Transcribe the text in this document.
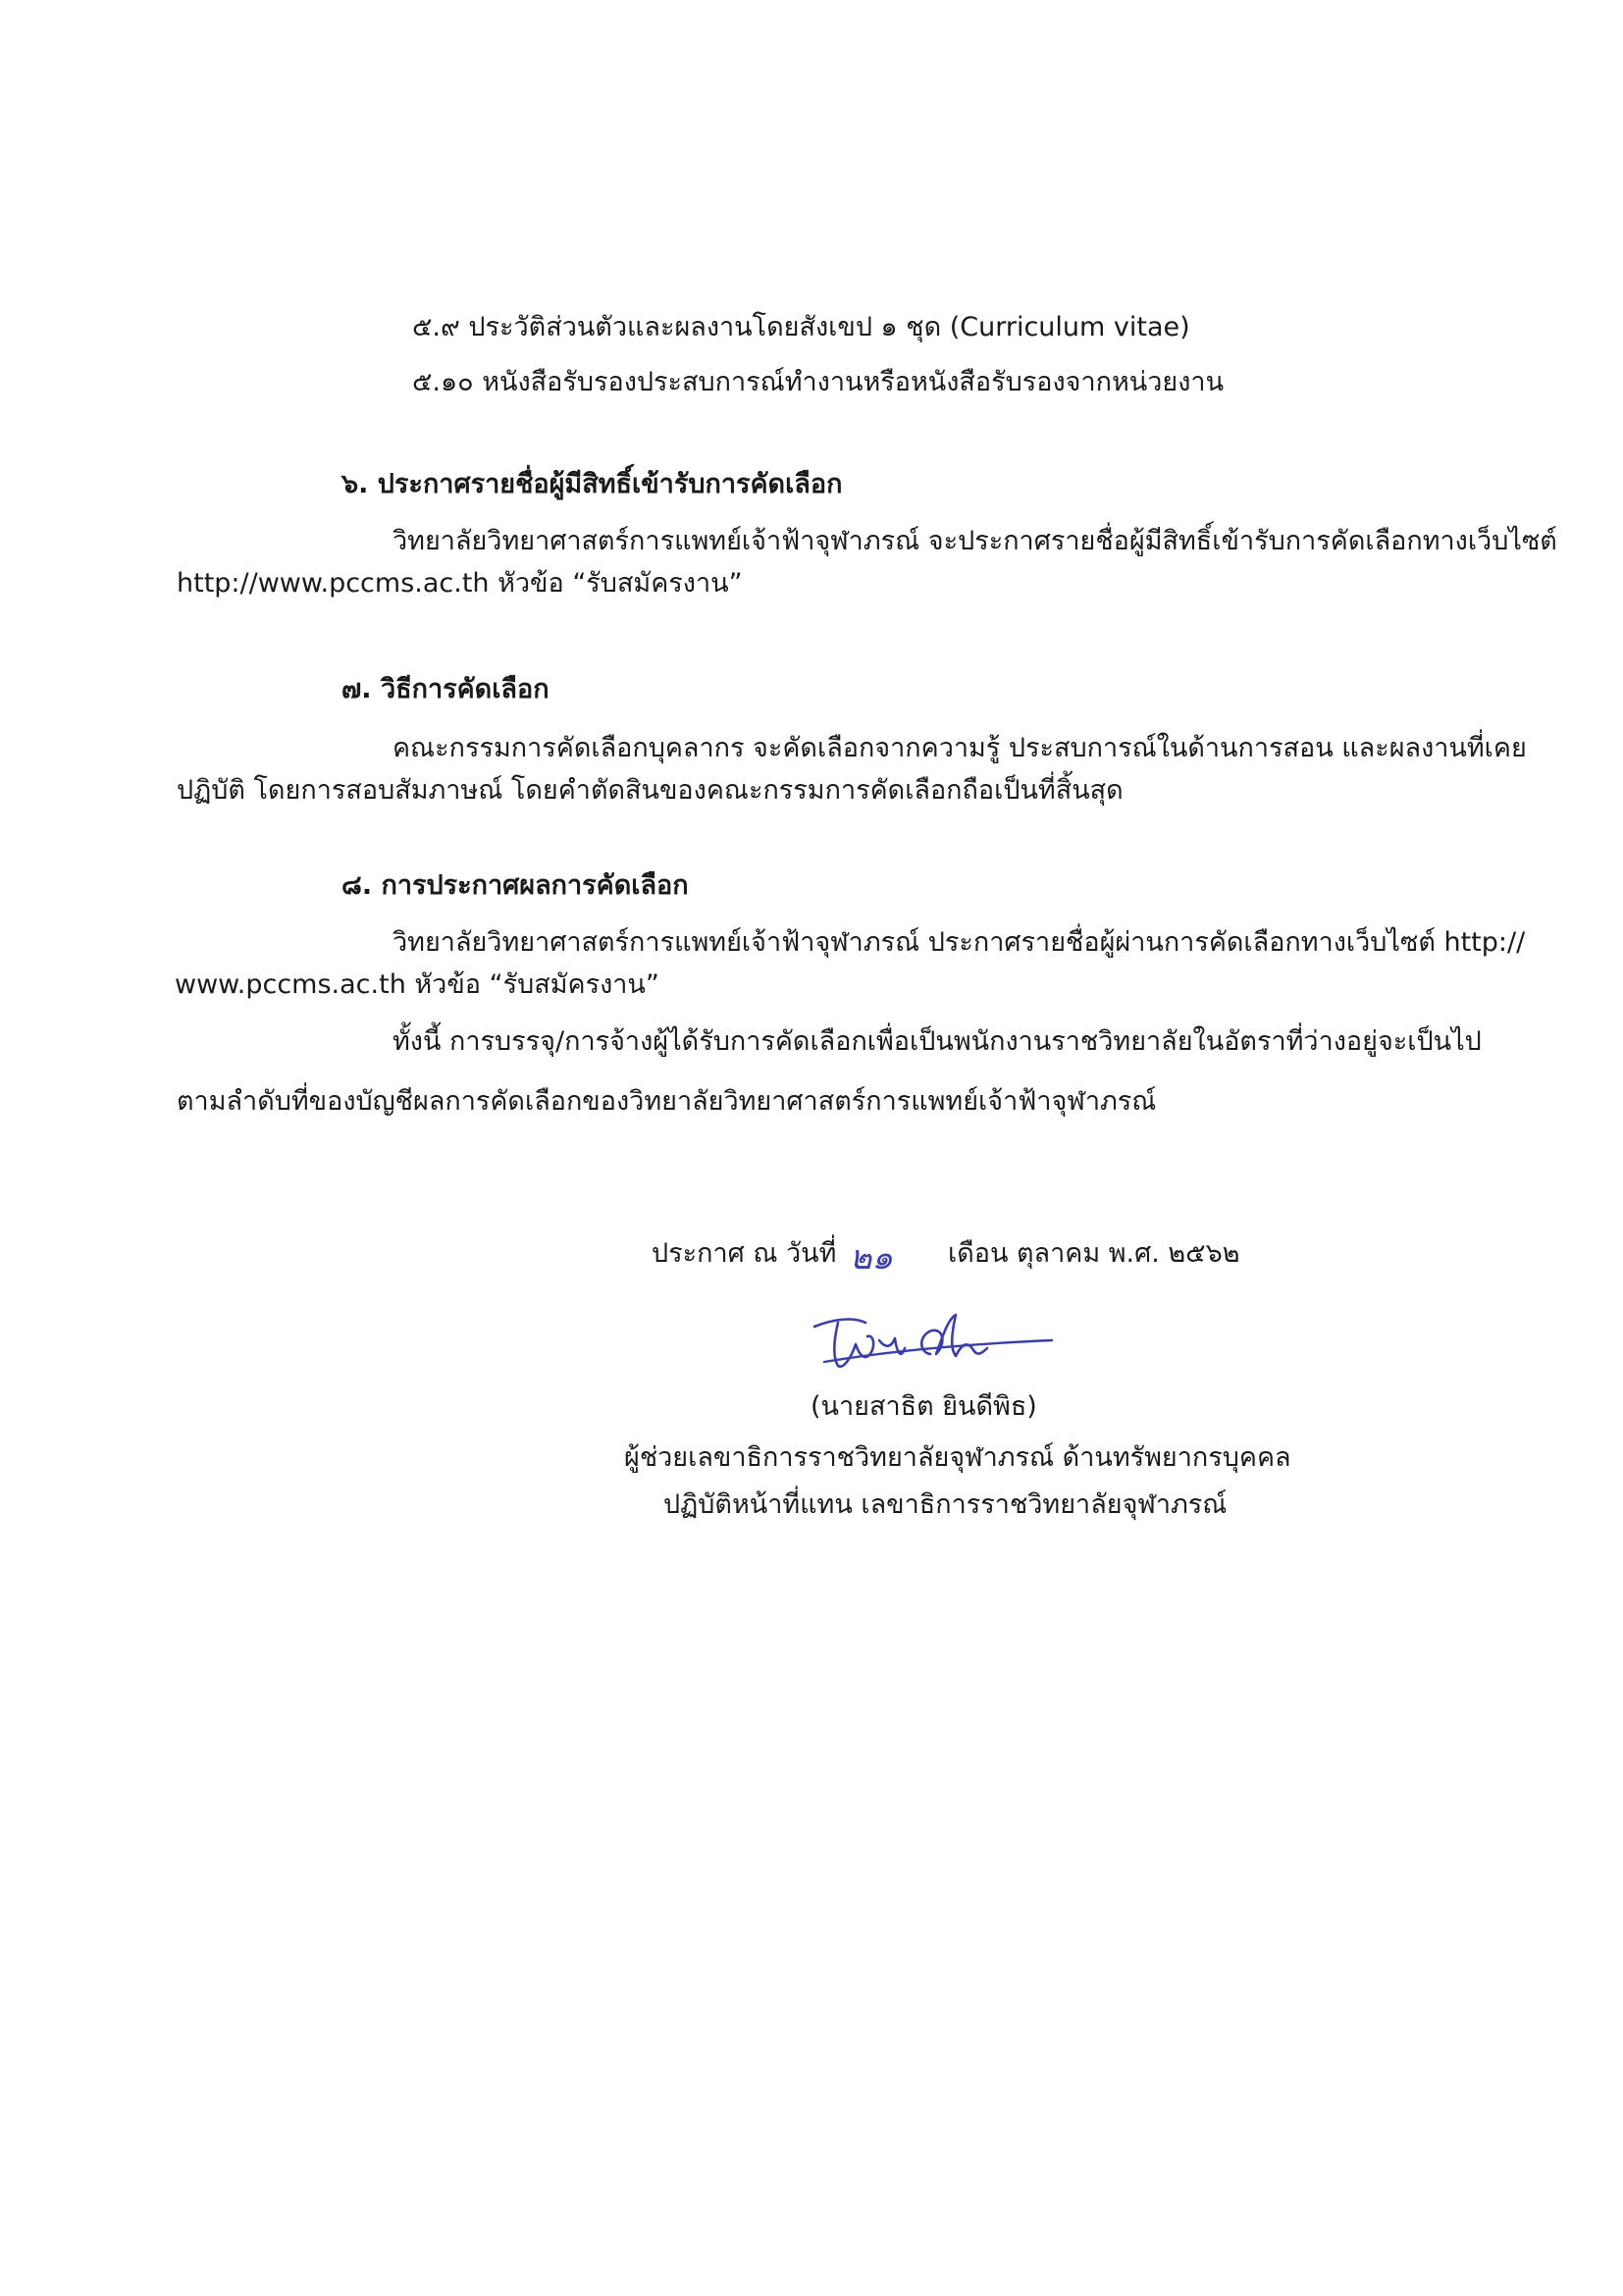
๕.๙ ประวัติส่วนตัวและผลงานโดยสังเขป ๑ ชุด (Curriculum vitae)
๕.๑๐ หนังสือรับรองประสบการณ์ทำงานหรือหนังสือรับรองจากหน่วยงาน
๖. ประกาศรายชื่อผู้มีสิทธิ์เข้ารับการคัดเลือก
วิทยาลัยวิทยาศาสตร์การแพทย์เจ้าฟ้าจุฬาภรณ์ จะประกาศรายชื่อผู้มีสิทธิ์เข้ารับการคัดเลือกทางเว็บไซต์
http://www.pccms.ac.th หัวข้อ “รับสมัครงาน”
๗. วิธีการคัดเลือก
คณะกรรมการคัดเลือกบุคลากร จะคัดเลือกจากความรู้ ประสบการณ์ในด้านการสอน และผลงานที่เคย
ปฏิบัติ โดยการสอบสัมภาษณ์ โดยคำตัดสินของคณะกรรมการคัดเลือกถือเป็นที่สิ้นสุด
๘. การประกาศผลการคัดเลือก
วิทยาลัยวิทยาศาสตร์การแพทย์เจ้าฟ้าจุฬาภรณ์ ประกาศรายชื่อผู้ผ่านการคัดเลือกทางเว็บไซต์ http://
www.pccms.ac.th หัวข้อ “รับสมัครงาน”
ทั้งนี้ การบรรจุ/การจ้างผู้ได้รับการคัดเลือกเพื่อเป็นพนักงานราชวิทยาลัยในอัตราที่ว่างอยู่จะเป็นไป
ตามลำดับที่ของบัญชีผลการคัดเลือกของวิทยาลัยวิทยาศาสตร์การแพทย์เจ้าฟ้าจุฬาภรณ์
ประกาศ ณ วันที่ ๒๑ เดือน ตุลาคม พ.ศ. ๒๕๖๒
(นายสาธิต ยินดีพิธ)
ผู้ช่วยเลขาธิการราชวิทยาลัยจุฬาภรณ์ ด้านทรัพยากรบุคคล
ปฏิบัติหน้าที่แทน เลขาธิการราชวิทยาลัยจุฬาภรณ์
